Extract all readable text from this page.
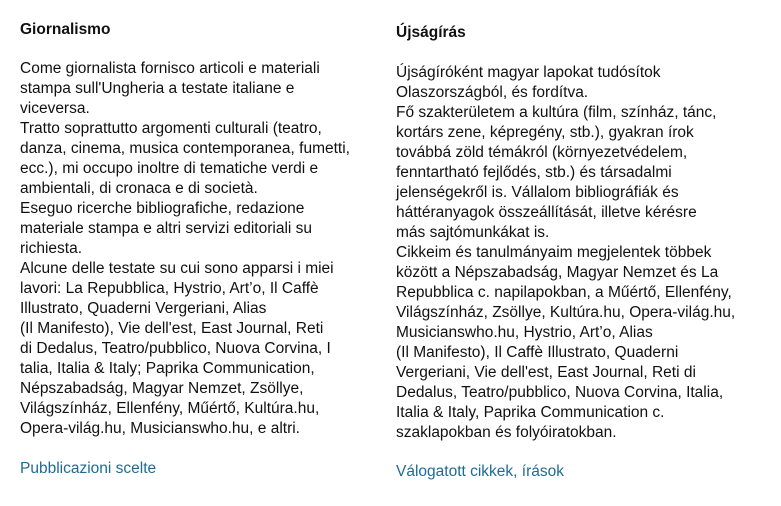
Giornalismo
Come giornalista fornisco articoli e materiali
stampa sull'Ungheria a testate italiane e
viceversa.
Tratto soprattutto argomenti culturali (teatro,
danza, cinema, musica contemporanea, fumetti,
ecc.), mi occupo inoltre di tematiche verdi e
ambientali, di cronaca e di società.
Eseguo ricerche bibliografiche, redazione
materiale stampa e altri servizi editoriali su
richiesta.
Alcune delle testate su cui sono apparsi i miei
lavori: La Repubblica, Hystrio, Art’o, Il Caffè
Illustrato, Quaderni Vergeriani, Alias
(Il Manifesto), Vie dell'est, East Journal, Reti
di Dedalus, Teatro/pubblico, Nuova Corvina, I
talia, Italia & Italy; Paprika Communication,
Népszabadság, Magyar Nemzet, Zsöllye,
Világszínház, Ellenfény, Műértő, Kultúra.hu,
Opera-világ.hu, Musicianswho.hu, e altri.
Pubblicazioni scelte
Újságírás
Újságíróként magyar lapokat tudósítok
Olaszországból, és fordítva.
Fő szakterületem a kultúra (film, színház, tánc,
kortárs zene, képregény, stb.), gyakran írok
továbbá zöld témákról (környezetvédelem,
fenntartható fejlődés, stb.) és társadalmi
jelenségekről is. Vállalom bibliográfiák és
háttéranyagok összeállítását, illetve kérésre
más sajtómunkákat is.
Cikkeim és tanulmányaim megjelentek többek
között a Népszabadság, Magyar Nemzet és La
Repubblica c. napilapokban, a Műértő, Ellenfény,
Világszínház, Zsöllye, Kultúra.hu, Opera-világ.hu,
Musicianswho.hu, Hystrio, Art’o, Alias
(Il Manifesto), Il Caffè Illustrato, Quaderni
Vergeriani, Vie dell'est, East Journal, Reti di
Dedalus, Teatro/pubblico, Nuova Corvina, Italia,
Italia & Italy, Paprika Communication c.
szaklapokban és folyóiratokban.
Válogatott cikkek, írások
